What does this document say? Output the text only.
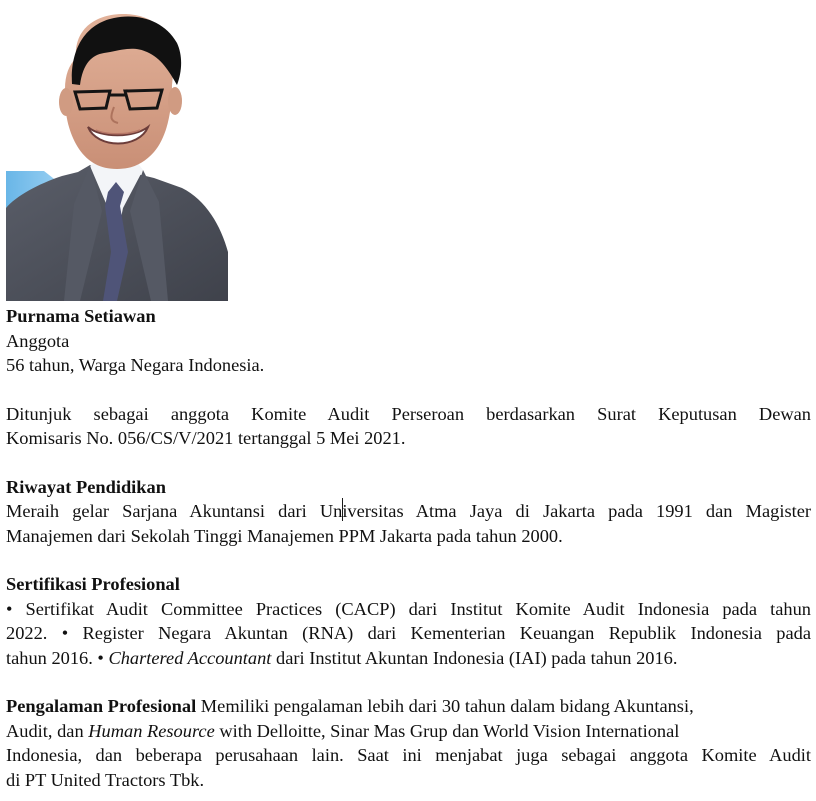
Purnama Setiawan
Anggota
56 tahun, Warga Negara Indonesia.
Ditunjuk sebagai anggota Komite Audit Perseroan berdasarkan Surat Keputusan Dewan
Komisaris No. 056/CS/V/2021 tertanggal 5 Mei 2021.
Riwayat Pendidikan
Meraih gelar Sarjana Akuntansi dari Universitas Atma Jaya di Jakarta pada 1991 dan Magister
Manajemen dari Sekolah Tinggi Manajemen PPM Jakarta pada tahun 2000.
Sertifikasi Profesional
• Sertifikat Audit Committee Practices (CACP) dari Institut Komite Audit Indonesia pada tahun
2022. • Register Negara Akuntan (RNA) dari Kementerian Keuangan Republik Indonesia pada
tahun 2016. • Chartered Accountant dari Institut Akuntan Indonesia (IAI) pada tahun 2016.
Pengalaman Profesional Memiliki pengalaman lebih dari 30 tahun dalam bidang Akuntansi,
Audit, dan Human Resource with Delloitte, Sinar Mas Grup dan World Vision International
Indonesia, dan beberapa perusahaan lain. Saat ini menjabat juga sebagai anggota Komite Audit
di PT United Tractors Tbk.
